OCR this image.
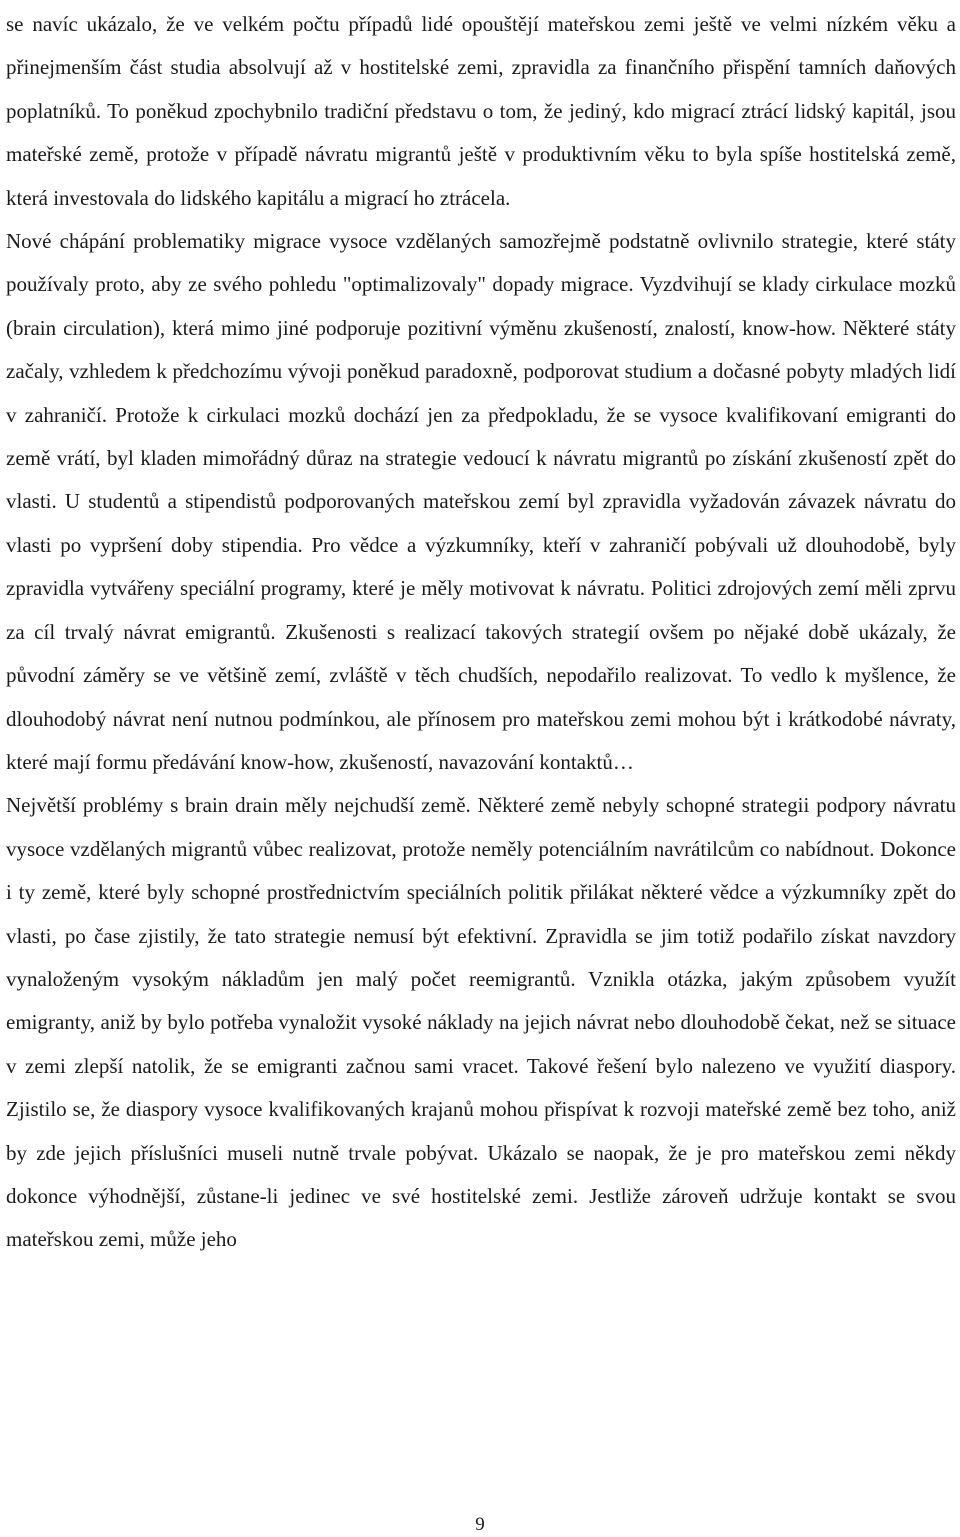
se navíc ukázalo, že ve velkém počtu případů lidé opouštějí mateřskou zemi ještě ve velmi nízkém věku a přinejmenším část studia absolvují až v hostitelské zemi, zpravidla za finančního přispění tamních daňových poplatníků. To poněkud zpochybnilo tradiční představu o tom, že jediný, kdo migrací ztrácí lidský kapitál, jsou mateřské země, protože v případě návratu migrantů ještě v produktivním věku to byla spíše hostitelská země, která investovala do lidského kapitálu a migrací ho ztrácela.

Nové chápání problematiky migrace vysoce vzdělaných samozřejmě podstatně ovlivnilo strategie, které státy používaly proto, aby ze svého pohledu "optimalizovaly" dopady migrace. Vyzdvihují se klady cirkulace mozků (brain circulation), která mimo jiné podporuje pozitivní výměnu zkušeností, znalostí, know-how. Některé státy začaly, vzhledem k předchozímu vývoji poněkud paradoxně, podporovat studium a dočasné pobyty mladých lidí v zahraničí. Protože k cirkulaci mozků dochází jen za předpokladu, že se vysoce kvalifikovaní emigranti do země vrátí, byl kladen mimořádný důraz na strategie vedoucí k návratu migrantů po získání zkušeností zpět do vlasti. U studentů a stipendistů podporovaných mateřskou zemí byl zpravidla vyžadován závazek návratu do vlasti po vypršení doby stipendia. Pro vědce a výzkumníky, kteří v zahraničí pobývali už dlouhodobě, byly zpravidla vytvářeny speciální programy, které je měly motivovat k návratu. Politici zdrojových zemí měli zprvu za cíl trvalý návrat emigrantů. Zkušenosti s realizací takových strategií ovšem po nějaké době ukázaly, že původní záměry se ve většině zemí, zvláště v těch chudších, nepodařilo realizovat. To vedlo k myšlence, že dlouhodobý návrat není nutnou podmínkou, ale přínosem pro mateřskou zemi mohou být i krátkodobé návraty, které mají formu předávání know-how, zkušeností, navazování kontaktů…

Největší problémy s brain drain měly nejchudší země. Některé země nebyly schopné strategii podpory návratu vysoce vzdělaných migrantů vůbec realizovat, protože neměly potenciálním navrátilcům co nabídnout. Dokonce i ty země, které byly schopné prostřednictvím speciálních politik přilákat některé vědce a výzkumníky zpět do vlasti, po čase zjistily, že tato strategie nemusí být efektivní. Zpravidla se jim totiž podařilo získat navzdory vynaloženým vysokým nákladům jen malý počet reemigrantů. Vznikla otázka, jakým způsobem využít emigranty, aniž by bylo potřeba vynaložit vysoké náklady na jejich návrat nebo dlouhodobě čekat, než se situace v zemi zlepší natolik, že se emigranti začnou sami vracet. Takové řešení bylo nalezeno ve využití diaspory. Zjistilo se, že diaspory vysoce kvalifikovaných krajanů mohou přispívat k rozvoji mateřské země bez toho, aniž by zde jejich příslušníci museli nutně trvale pobývat. Ukázalo se naopak, že je pro mateřskou zemi někdy dokonce výhodnější, zůstane-li jedinec ve své hostitelské zemi. Jestliže zároveň udržuje kontakt se svou mateřskou zemi, může jeho

9
